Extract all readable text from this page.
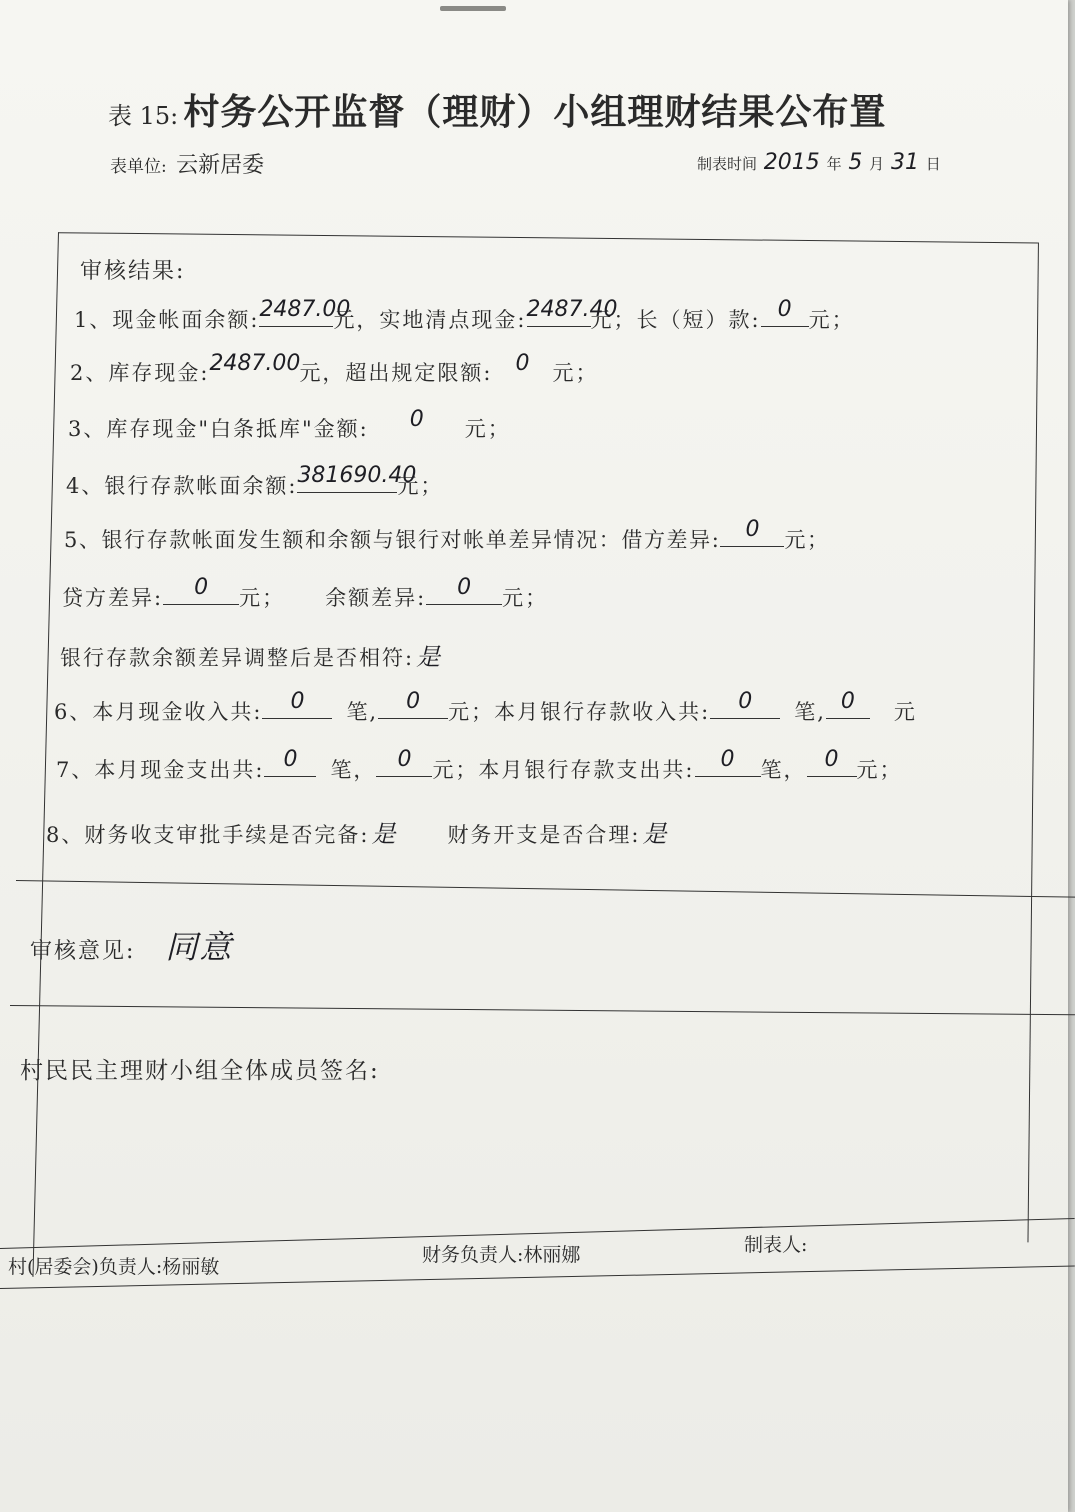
表 15: 村务公开监督（理财）小组理财结果公布置
表单位: 云新居委	制表时间 2015 年 5 月 31 日
审核结果:
1、现金帐面余额: 2487.00
元，实地清点现金: 2487.40
元；长（短）款: 0 元；
2、库存现金: 2487.00 元，超出规定限额:	0	元；
3、库存现金"白条抵库"金额:	0	元；
4、银行存款帐面余额: 381690.40
元；
5、银行存款帐面发生额和余额与银行对帐单差异情况：借方差异:	0	元；
贷方差异:	0	元； 余额差异:	0	元；
银行存款余额差异调整后是否相符:是
6、本月现金收入共:	0	笔,	0	元；本月银行存款收入共:	0	笔, 0	元
7、本月现金支出共: 0	笔， 0	元；本月银行存款支出共:	0	笔， 0 元；
8、财务收支审批手续是否完备:是 财务开支是否合理:是
审核意见: 同意
村民民主理财小组全体成员签名:
村(居委会)负责人:杨丽敏
财务负责人:林丽娜	制表人:
